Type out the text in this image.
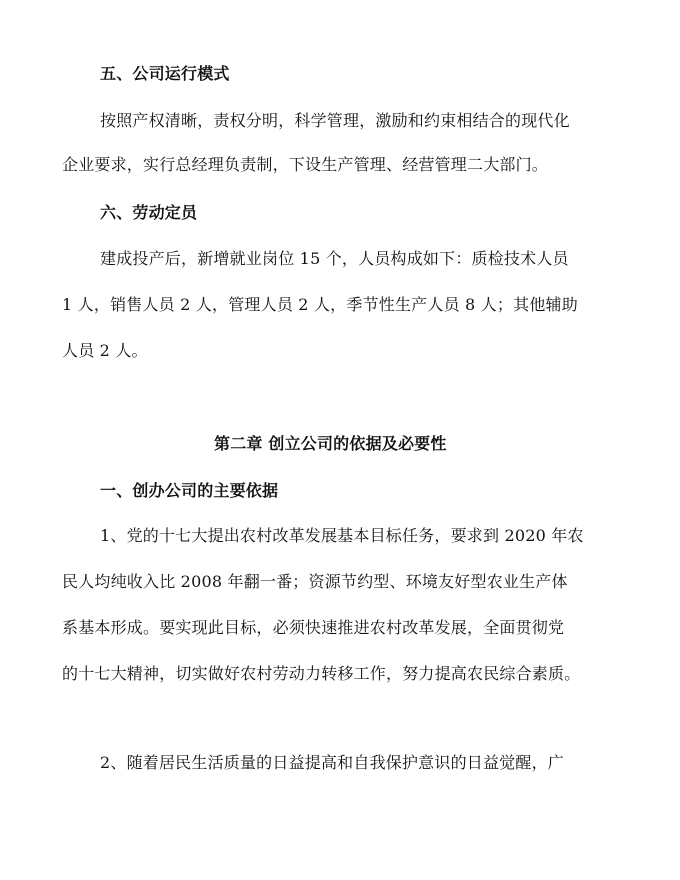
五、公司运行模式
按照产权清晰，责权分明，科学管理，激励和约束相结合的现代化
企业要求，实行总经理负责制，下设生产管理、经营管理二大部门。
六、劳动定员
建成投产后，新增就业岗位 15 个，人员构成如下：质检技术人员
1 人，销售人员 2 人，管理人员 2 人，季节性生产人员 8 人；其他辅助
人员 2 人。
第二章 创立公司的依据及必要性
一、创办公司的主要依据
1、党的十七大提出农村改革发展基本目标任务，要求到 2020 年农
民人均纯收入比 2008 年翻一番；资源节约型、环境友好型农业生产体
系基本形成。要实现此目标，必须快速推进农村改革发展，全面贯彻党
的十七大精神，切实做好农村劳动力转移工作，努力提高农民综合素质。
2、随着居民生活质量的日益提高和自我保护意识的日益觉醒，广
